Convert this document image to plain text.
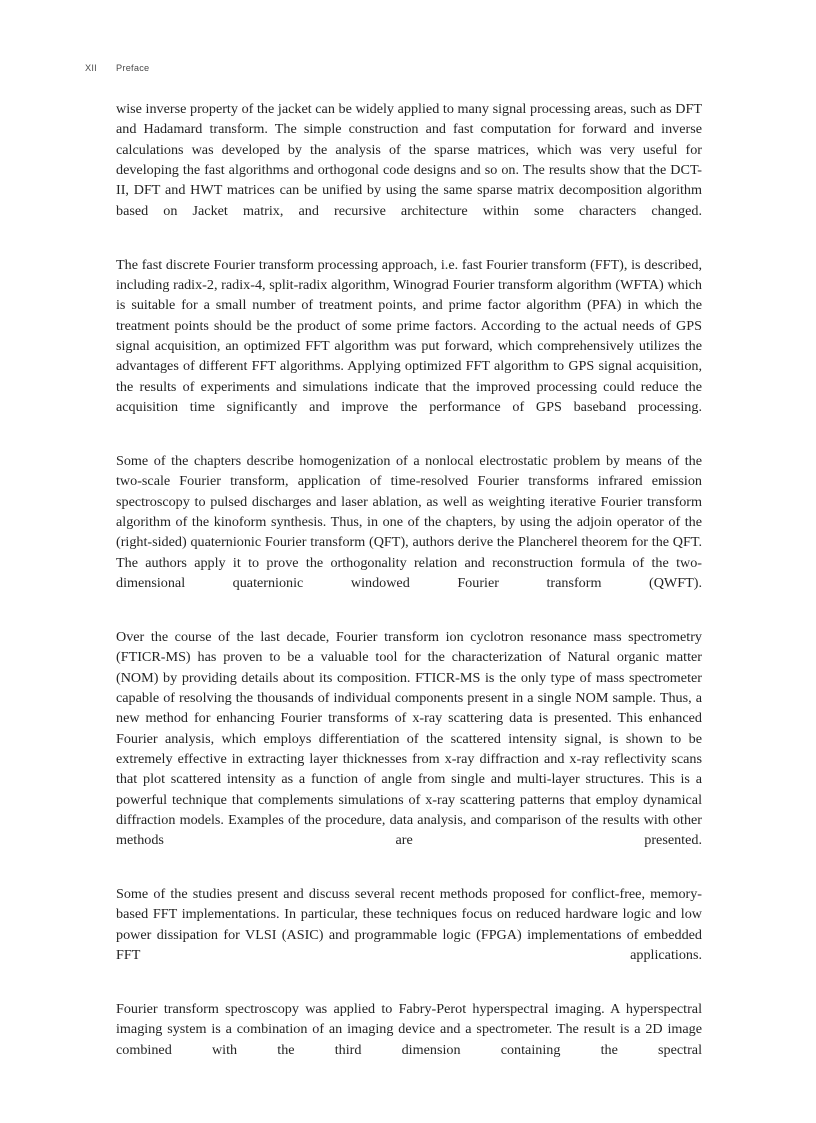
XII	Preface

wise inverse property of the jacket can be widely applied to many signal processing areas, such as DFT and Hadamard transform. The simple construction and fast computation for forward and inverse calculations was developed by the analysis of the sparse matrices, which was very useful for developing the fast algorithms and orthogonal code designs and so on. The results show that the DCT-II, DFT and HWT matrices can be unified by using the same sparse matrix decomposition algorithm based on Jacket matrix, and recursive architecture within some characters changed.

The fast discrete Fourier transform processing approach, i.e. fast Fourier transform (FFT), is described, including radix-2, radix-4, split-radix algorithm, Winograd Fourier transform algorithm (WFTA) which is suitable for a small number of treatment points, and prime factor algorithm (PFA) in which the treatment points should be the product of some prime factors. According to the actual needs of GPS signal acquisition, an optimized FFT algorithm was put forward, which comprehensively utilizes the advantages of different FFT algorithms. Applying optimized FFT algorithm to GPS signal acquisition, the results of experiments and simulations indicate that the improved processing could reduce the acquisition time significantly and improve the performance of GPS baseband processing.

Some of the chapters describe homogenization of a nonlocal electrostatic problem by means of the two-scale Fourier transform, application of time-resolved Fourier transforms infrared emission spectroscopy to pulsed discharges and laser ablation, as well as weighting iterative Fourier transform algorithm of the kinoform synthesis. Thus, in one of the chapters, by using the adjoin operator of the (right-sided) quaternionic Fourier transform (QFT), authors derive the Plancherel theorem for the QFT. The authors apply it to prove the orthogonality relation and reconstruction formula of the two-dimensional quaternionic windowed Fourier transform (QWFT).

Over the course of the last decade, Fourier transform ion cyclotron resonance mass spectrometry (FTICR-MS) has proven to be a valuable tool for the characterization of Natural organic matter (NOM) by providing details about its composition. FTICR-MS is the only type of mass spectrometer capable of resolving the thousands of individual components present in a single NOM sample. Thus, a new method for enhancing Fourier transforms of x-ray scattering data is presented. This enhanced Fourier analysis, which employs differentiation of the scattered intensity signal, is shown to be extremely effective in extracting layer thicknesses from x-ray diffraction and x-ray reflectivity scans that plot scattered intensity as a function of angle from single and multi-layer structures. This is a powerful technique that complements simulations of x-ray scattering patterns that employ dynamical diffraction models. Examples of the procedure, data analysis, and comparison of the results with other methods are presented.

Some of the studies present and discuss several recent methods proposed for conflict-free, memory-based FFT implementations. In particular, these techniques focus on reduced hardware logic and low power dissipation for VLSI (ASIC) and programmable logic (FPGA) implementations of embedded FFT applications.

Fourier transform spectroscopy was applied to Fabry-Perot hyperspectral imaging. A hyperspectral imaging system is a combination of an imaging device and a spectrometer. The result is a 2D image combined with the third dimension containing the spectral
